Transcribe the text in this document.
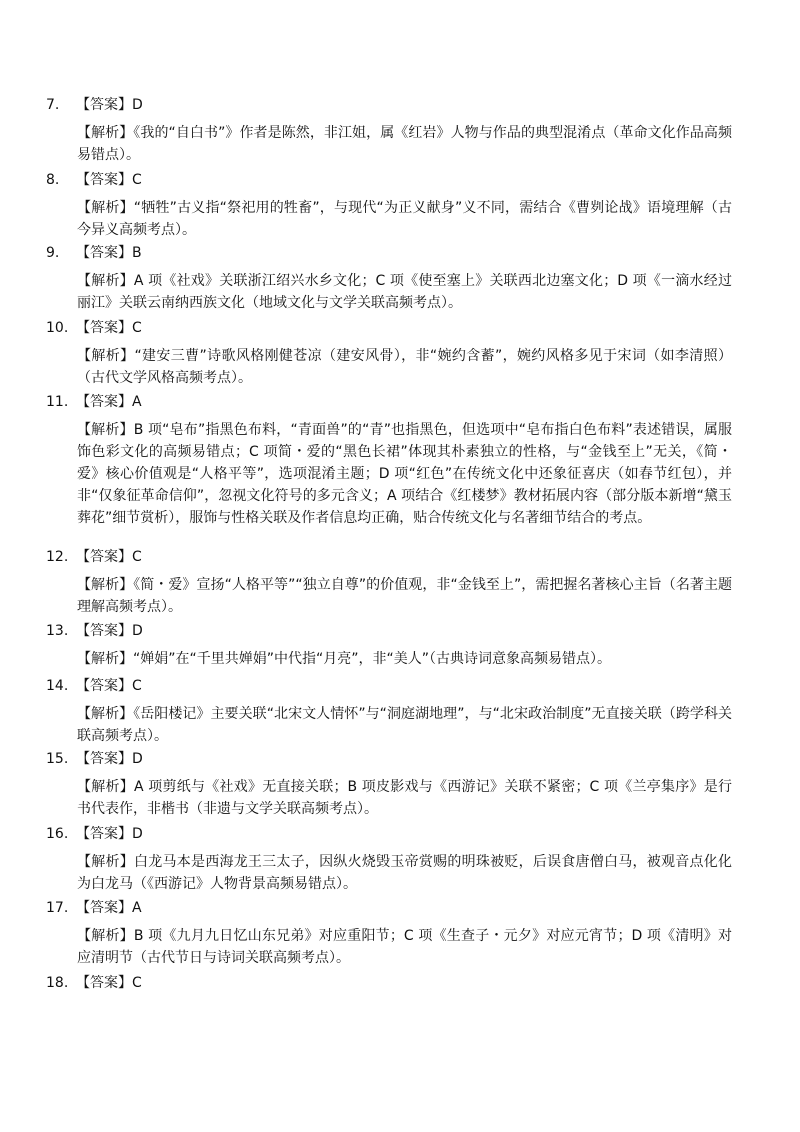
7. 【答案】D
【解析】《我的“自白书”》作者是陈然，非江姐，属《红岩》人物与作品的典型混淆点（革命文化作品高频易错点）。
8. 【答案】C
【解析】“牺牲”古义指“祭祀用的牲畜”，与现代“为正义献身”义不同，需结合《曹刿论战》语境理解（古今异义高频考点）。
9. 【答案】B
【解析】A 项《社戏》关联浙江绍兴水乡文化；C 项《使至塞上》关联西北边塞文化；D 项《一滴水经过丽江》关联云南纳西族文化（地域文化与文学关联高频考点）。
10. 【答案】C
【解析】“建安三曹”诗歌风格刚健苍凉（建安风骨），非“婉约含蓄”，婉约风格多见于宋词（如李清照）（古代文学风格高频考点）。
11. 【答案】A
【解析】B 项“皂布”指黑色布料，“青面兽”的“青”也指黑色，但选项中“皂布指白色布料”表述错误，属服饰色彩文化的高频易错点；C 项简・爱的“黑色长裙”体现其朴素独立的性格，与“金钱至上”无关，《简・爱》核心价值观是“人格平等”，选项混淆主题；D 项“红色”在传统文化中还象征喜庆（如春节红包），并非“仅象征革命信仰”，忽视文化符号的多元含义；A 项结合《红楼梦》教材拓展内容（部分版本新增“黛玉葬花”细节赏析），服饰与性格关联及作者信息均正确，贴合传统文化与名著细节结合的考点。
12. 【答案】C
【解析】《简・爱》宣扬“人格平等”“独立自尊”的价值观，非“金钱至上”，需把握名著核心主旨（名著主题理解高频考点）。
13. 【答案】D
【解析】“婵娟”在“千里共婵娟”中代指“月亮”，非“美人”（古典诗词意象高频易错点）。
14. 【答案】C
【解析】《岳阳楼记》主要关联“北宋文人情怀”与“洞庭湖地理”，与“北宋政治制度”无直接关联（跨学科关联高频考点）。
15. 【答案】D
【解析】A 项剪纸与《社戏》无直接关联；B 项皮影戏与《西游记》关联不紧密；C 项《兰亭集序》是行书代表作，非楷书（非遗与文学关联高频考点）。
16. 【答案】D
【解析】白龙马本是西海龙王三太子，因纵火烧毁玉帝赏赐的明珠被贬，后误食唐僧白马，被观音点化化为白龙马（《西游记》人物背景高频易错点）。
17. 【答案】A
【解析】B 项《九月九日忆山东兄弟》对应重阳节；C 项《生查子・元夕》对应元宵节；D 项《清明》对应清明节（古代节日与诗词关联高频考点）。
18. 【答案】C
